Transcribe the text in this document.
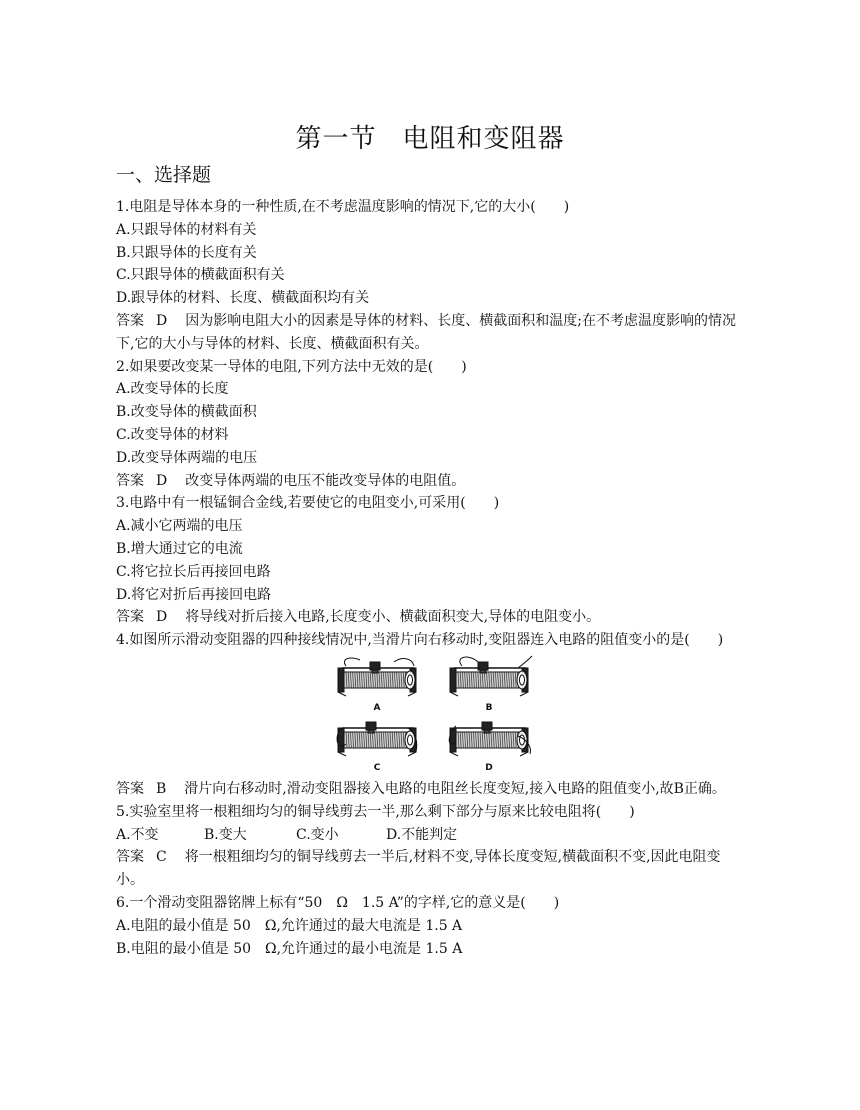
第一节 电阻和变阻器
一、选择题
1.电阻是导体本身的一种性质,在不考虑温度影响的情况下,它的大小(　　)
A.只跟导体的材料有关
B.只跟导体的长度有关
C.只跟导体的横截面积有关
D.跟导体的材料、长度、横截面积均有关
答案 D 因为影响电阻大小的因素是导体的材料、长度、横截面积和温度;在不考虑温度影响的情况下,它的大小与导体的材料、长度、横截面积有关。
2.如果要改变某一导体的电阻,下列方法中无效的是(　　)
A.改变导体的长度
B.改变导体的横截面积
C.改变导体的材料
D.改变导体两端的电压
答案 D 改变导体两端的电压不能改变导体的电阻值。
3.电路中有一根锰铜合金线,若要使它的电阻变小,可采用(　　)
A.减小它两端的电压
B.增大通过它的电流
C.将它拉长后再接回电路
D.将它对折后再接回电路
答案 D 将导线对折后接入电路,长度变小、横截面积变大,导体的电阻变小。
4.如图所示滑动变阻器的四种接线情况中,当滑片向右移动时,变阻器连入电路的阻值变小的是(　　)
A	B
C	D
答案 B 滑片向右移动时,滑动变阻器接入电路的电阻丝长度变短,接入电路的阻值变小,故B正确。
5.实验室里将一根粗细均匀的铜导线剪去一半,那么剩下部分与原来比较电阻将(　　)
A.不变	B.变大	C.变小	D.不能判定
答案 C 将一根粗细均匀的铜导线剪去一半后,材料不变,导体长度变短,横截面积不变,因此电阻变小。
6.一个滑动变阻器铭牌上标有“50　Ω　1.5 A”的字样,它的意义是(　　)
A.电阻的最小值是 50　Ω,允许通过的最大电流是 1.5 A
B.电阻的最小值是 50　Ω,允许通过的最小电流是 1.5 A
